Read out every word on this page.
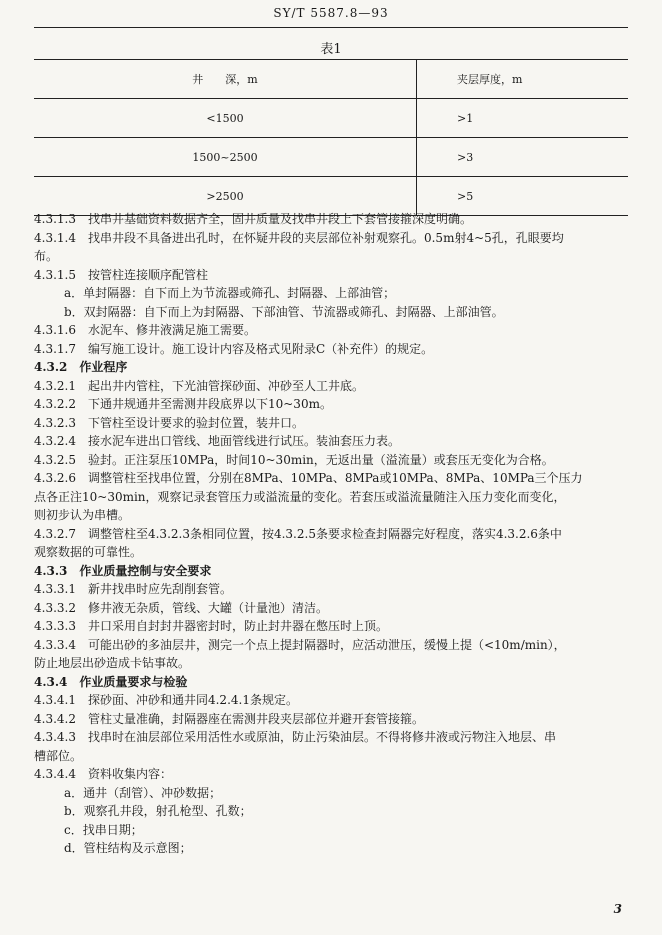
SY/T 5587.8—93
表1
井　　深，m	夹层厚度，m
<1500	>1
1500~2500	>3
>2500	>5
4.3.1.3　找串井基础资料数据齐全，固井质量及找串井段上下套管接箍深度明确。
4.3.1.4　找串井段不具备进出孔时，在怀疑井段的夹层部位补射观察孔。0.5m射4~5孔，孔眼要均
布。
4.3.1.5　按管柱连接顺序配管柱
a．单封隔器：自下而上为节流器或筛孔、封隔器、上部油管；
b．双封隔器：自下而上为封隔器、下部油管、节流器或筛孔、封隔器、上部油管。
4.3.1.6　水泥车、修井液满足施工需要。
4.3.1.7　编写施工设计。施工设计内容及格式见附录C（补充件）的规定。
4.3.2　作业程序
4.3.2.1　起出井内管柱，下光油管探砂面、冲砂至人工井底。
4.3.2.2　下通井规通井至需测井段底界以下10~30m。
4.3.2.3　下管柱至设计要求的验封位置，装井口。
4.3.2.4　接水泥车进出口管线、地面管线进行试压。装油套压力表。
4.3.2.5　验封。正注泵压10MPa，时间10~30min，无返出量（溢流量）或套压无变化为合格。
4.3.2.6　调整管柱至找串位置，分别在8MPa、10MPa、8MPa或10MPa、8MPa、10MPa三个压力
点各正注10~30min，观察记录套管压力或溢流量的变化。若套压或溢流量随注入压力变化而变化，
则初步认为串槽。
4.3.2.7　调整管柱至4.3.2.3条相同位置，按4.3.2.5条要求检查封隔器完好程度，落实4.3.2.6条中
观察数据的可靠性。
4.3.3　作业质量控制与安全要求
4.3.3.1　新井找串时应先刮削套管。
4.3.3.2　修井液无杂质，管线、大罐（计量池）清洁。
4.3.3.3　井口采用自封封井器密封时，防止封井器在憋压时上顶。
4.3.3.4　可能出砂的多油层井，测完一个点上提封隔器时，应活动泄压，缓慢上提（<10m/min），
防止地层出砂造成卡钻事故。
4.3.4　作业质量要求与检验
4.3.4.1　探砂面、冲砂和通井同4.2.4.1条规定。
4.3.4.2　管柱丈量准确，封隔器座在需测井段夹层部位并避开套管接箍。
4.3.4.3　找串时在油层部位采用活性水或原油，防止污染油层。不得将修井液或污物注入地层、串
槽部位。
4.3.4.4　资料收集内容：
a．通井（刮管）、冲砂数据；
b．观察孔井段，射孔枪型、孔数；
c．找串日期；
d．管柱结构及示意图；
3
